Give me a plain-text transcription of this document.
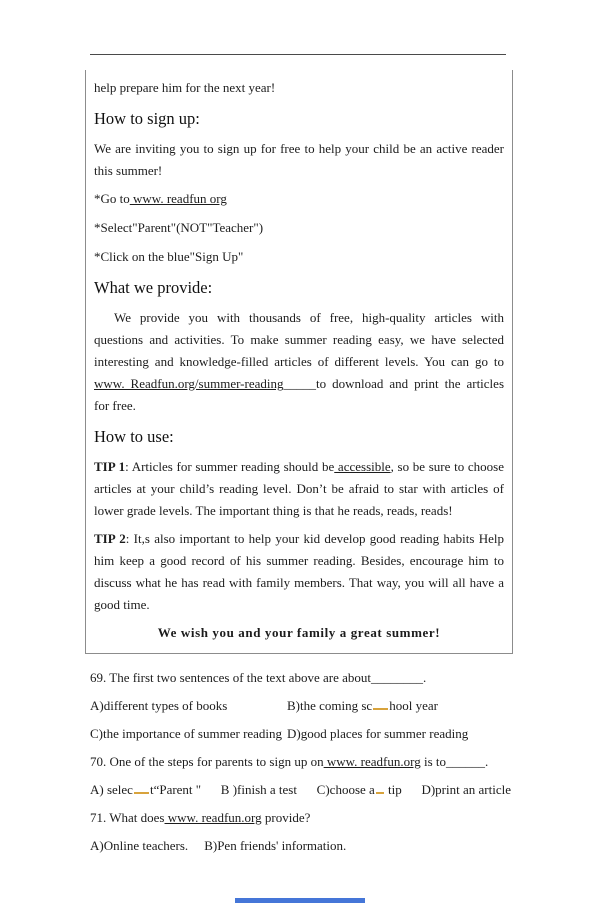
help prepare him for the next year!

How to sign up:

We are inviting you to sign up for free to help your child be an active reader this summer!

*Go to www. readfun org

*Select"Parent"(NOT"Teacher")

*Click on the blue"Sign Up"

What we provide:

We provide you with thousands of free, high-quality articles with questions and activities. To make summer reading easy, we have selected interesting and knowledge-filled articles of different levels. You can go to www. Readfun.org/summer-reading_____to download and print the articles for free.

How to use:

TIP 1: Articles for summer reading should be accessible, so be sure to choose articles at your child’s reading level. Don’t be afraid to star with articles of lower grade levels. The important thing is that he reads, reads, reads!

TIP 2: It,s also important to help your kid develop good reading habits Help him keep a good record of his summer reading. Besides, encourage him to discuss what he has read with family members. That way, you will all have a good time.

We wish you and your family a great summer!

69. The first two sentences of the text above are about________.

A)different types of books	B)the coming sc hool year
C)the importance of summer reading D)good places for summer reading

70. One of the steps for parents to sign up on www. readfun.org is to______.

A) selec t“Parent " B )finish a test C)choose a tip D)print an article

71. What does www. readfun.org provide?

A)Online teachers. B)Pen friends' information.
